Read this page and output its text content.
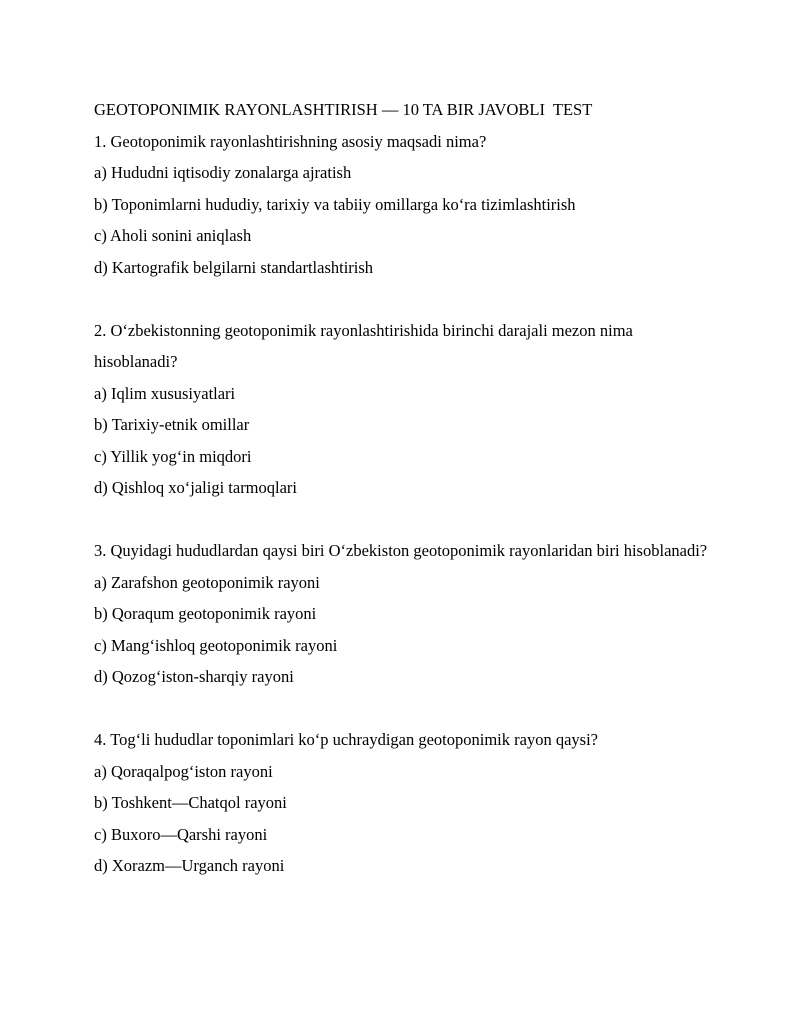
GEOTOPONIMIK RAYONLASHTIRISH — 10 TA BIR JAVOBLI  TEST

1. Geotoponimik rayonlashtirishning asosiy maqsadi nima?

a) Hududni iqtisodiy zonalarga ajratish

b) Toponimlarni hududiy, tarixiy va tabiiy omillarga ko‘ra tizimlashtirish

c) Aholi sonini aniqlash

d) Kartografik belgilarni standartlashtirish

2. O‘zbekistonning geotoponimik rayonlashtirishida birinchi darajali mezon nima hisoblanadi?

a) Iqlim xususiyatlari

b) Tarixiy-etnik omillar

c) Yillik yog‘in miqdori

d) Qishloq xo‘jaligi tarmoqlari

3. Quyidagi hududlardan qaysi biri O‘zbekiston geotoponimik rayonlaridan biri hisoblanadi?

a) Zarafshon geotoponimik rayoni

b) Qoraqum geotoponimik rayoni

c) Mang‘ishloq geotoponimik rayoni

d) Qozog‘iston-sharqiy rayoni

4. Tog‘li hududlar toponimlari ko‘p uchraydigan geotoponimik rayon qaysi?

a) Qoraqalpog‘iston rayoni

b) Toshkent—Chatqol rayoni

c) Buxoro—Qarshi rayoni

d) Xorazm—Urganch rayoni
